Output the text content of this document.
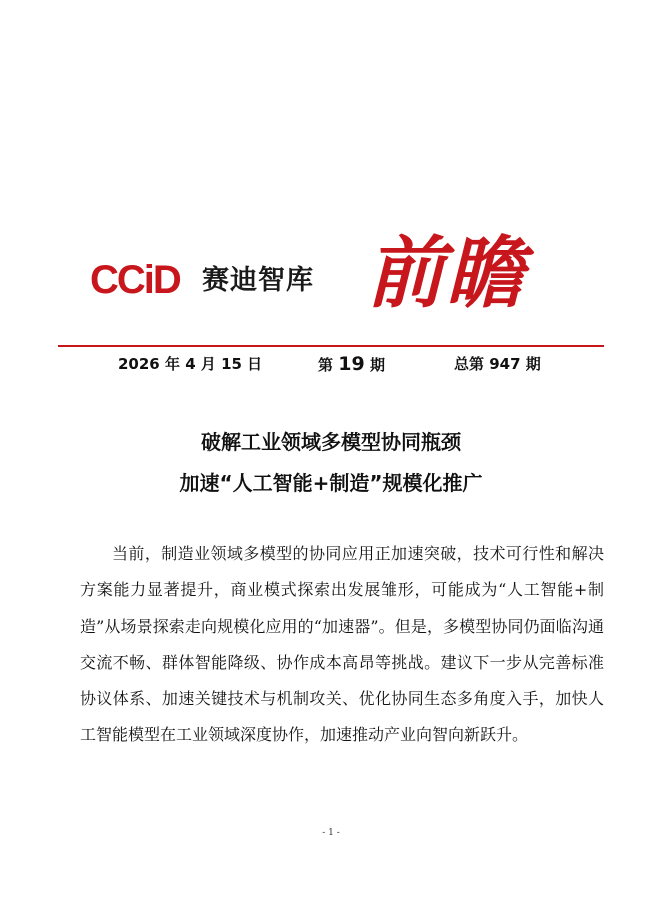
CCiD 赛迪智库 前瞻
2026 年 4 月 15 日	第 19 期	总第 947 期
破解工业领域多模型协同瓶颈
加速“人工智能+制造”规模化推广

当前，制造业领域多模型的协同应用正加速突破，技术可行性和解决方案能力显著提升，商业模式探索出发展雏形，可能成为“人工智能+制造”从场景探索走向规模化应用的“加速器”。但是，多模型协同仍面临沟通交流不畅、群体智能降级、协作成本高昂等挑战。建议下一步从完善标准协议体系、加速关键技术与机制攻关、优化协同生态多角度入手，加快人工智能模型在工业领域深度协作，加速推动产业向智向新跃升。

- 1 -
